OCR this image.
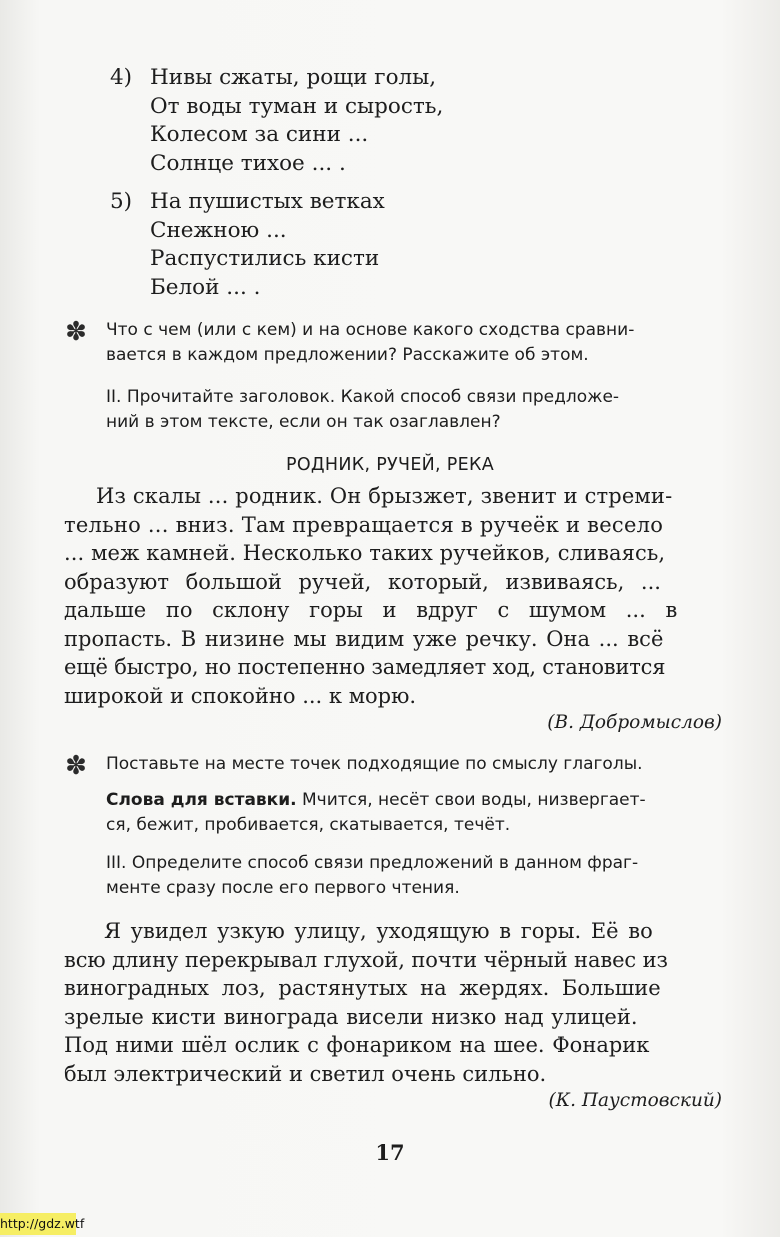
4) Нивы сжаты, рощи голы,
От воды туман и сырость,
Колесом за сини ...
Солнце тихое ... .
5) На пушистых ветках
Снежною ...
Распустились кисти
Белой ... .
✽ Что с чем (или с кем) и на основе какого сходства сравни-
вается в каждом предложении? Расскажите об этом.
II. Прочитайте заголовок. Какой способ связи предложе-
ний в этом тексте, если он так озаглавлен?
РОДНИК, РУЧЕЙ, РЕКА
Из скалы ... родник. Он брызжет, звенит и стреми-
тельно ... вниз. Там превращается в ручеёк и весело
... меж камней. Несколько таких ручейков, сливаясь,
образуют большой ручей, который, извиваясь, ...
дальше по склону горы и вдруг с шумом ... в
пропасть. В низине мы видим уже речку. Она ... всё
ещё быстро, но постепенно замедляет ход, становится
широкой и спокойно ... к морю.
(В. Добромыслов)
✽ Поставьте на месте точек подходящие по смыслу глаголы.
Слова для вставки. Мчится, несёт свои воды, низвергает-
ся, бежит, пробивается, скатывается, течёт.
III. Определите способ связи предложений в данном фраг-
менте сразу после его первого чтения.
Я увидел узкую улицу, уходящую в горы. Её во
всю длину перекрывал глухой, почти чёрный навес из
виноградных лоз, растянутых на жердях. Большие
зрелые кисти винограда висели низко над улицей.
Под ними шёл ослик с фонариком на шее. Фонарик
был электрический и светил очень сильно.
(К. Паустовский)
17
http://gdz.wtf
